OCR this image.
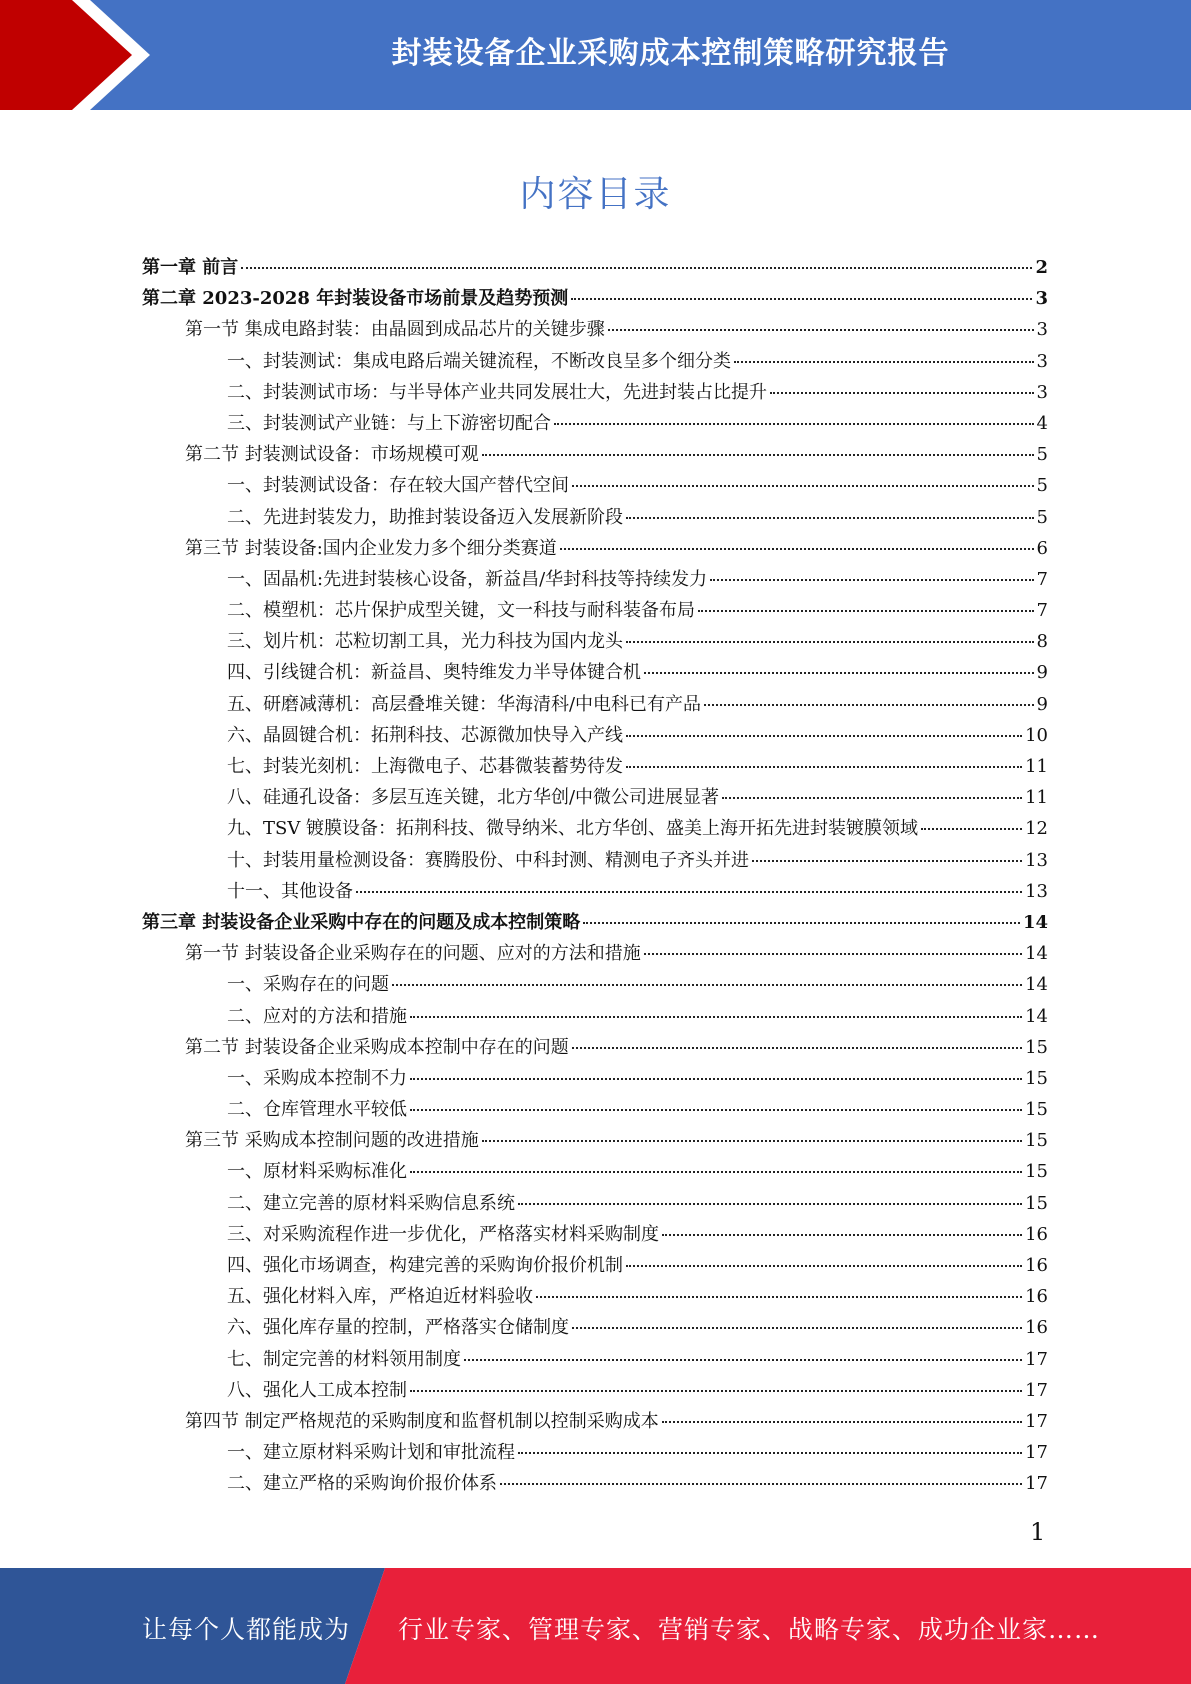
封装设备企业采购成本控制策略研究报告
内容目录
第一章 前言	2
第二章 2023-2028 年封装设备市场前景及趋势预测	3
第一节 集成电路封装：由晶圆到成品芯片的关键步骤	3
一、封装测试：集成电路后端关键流程，不断改良呈多个细分类	3
二、封装测试市场：与半导体产业共同发展壮大，先进封装占比提升	3
三、封装测试产业链：与上下游密切配合	4
第二节 封装测试设备：市场规模可观	5
一、封装测试设备：存在较大国产替代空间	5
二、先进封装发力，助推封装设备迈入发展新阶段	5
第三节 封装设备:国内企业发力多个细分类赛道	6
一、固晶机:先进封装核心设备，新益昌/华封科技等持续发力	7
二、模塑机：芯片保护成型关键，文一科技与耐科装备布局	7
三、划片机：芯粒切割工具，光力科技为国内龙头	8
四、引线键合机：新益昌、奥特维发力半导体键合机	9
五、研磨减薄机：高层叠堆关键：华海清科/中电科已有产品	9
六、晶圆键合机：拓荆科技、芯源微加快导入产线	10
七、封装光刻机：上海微电子、芯碁微装蓄势待发	11
八、硅通孔设备：多层互连关键，北方华创/中微公司进展显著	11
九、TSV 镀膜设备：拓荆科技、微导纳米、北方华创、盛美上海开拓先进封装镀膜领域	12
十、封装用量检测设备：赛腾股份、中科封测、精测电子齐头并进	13
十一、其他设备	13
第三章 封装设备企业采购中存在的问题及成本控制策略	14
第一节 封装设备企业采购存在的问题、应对的方法和措施	14
一、采购存在的问题	14
二、应对的方法和措施	14
第二节 封装设备企业采购成本控制中存在的问题	15
一、采购成本控制不力	15
二、仓库管理水平较低	15
第三节 采购成本控制问题的改进措施	15
一、原材料采购标准化	15
二、建立完善的原材料采购信息系统	15
三、对采购流程作进一步优化，严格落实材料采购制度	16
四、强化市场调查，构建完善的采购询价报价机制	16
五、强化材料入库，严格迫近材料验收	16
六、强化库存量的控制，严格落实仓储制度	16
七、制定完善的材料领用制度	17
八、强化人工成本控制	17
第四节 制定严格规范的采购制度和监督机制以控制采购成本	17
一、建立原材料采购计划和审批流程	17
二、建立严格的采购询价报价体系	17
1
让每个人都能成为 行业专家、管理专家、营销专家、战略专家、成功企业家……
